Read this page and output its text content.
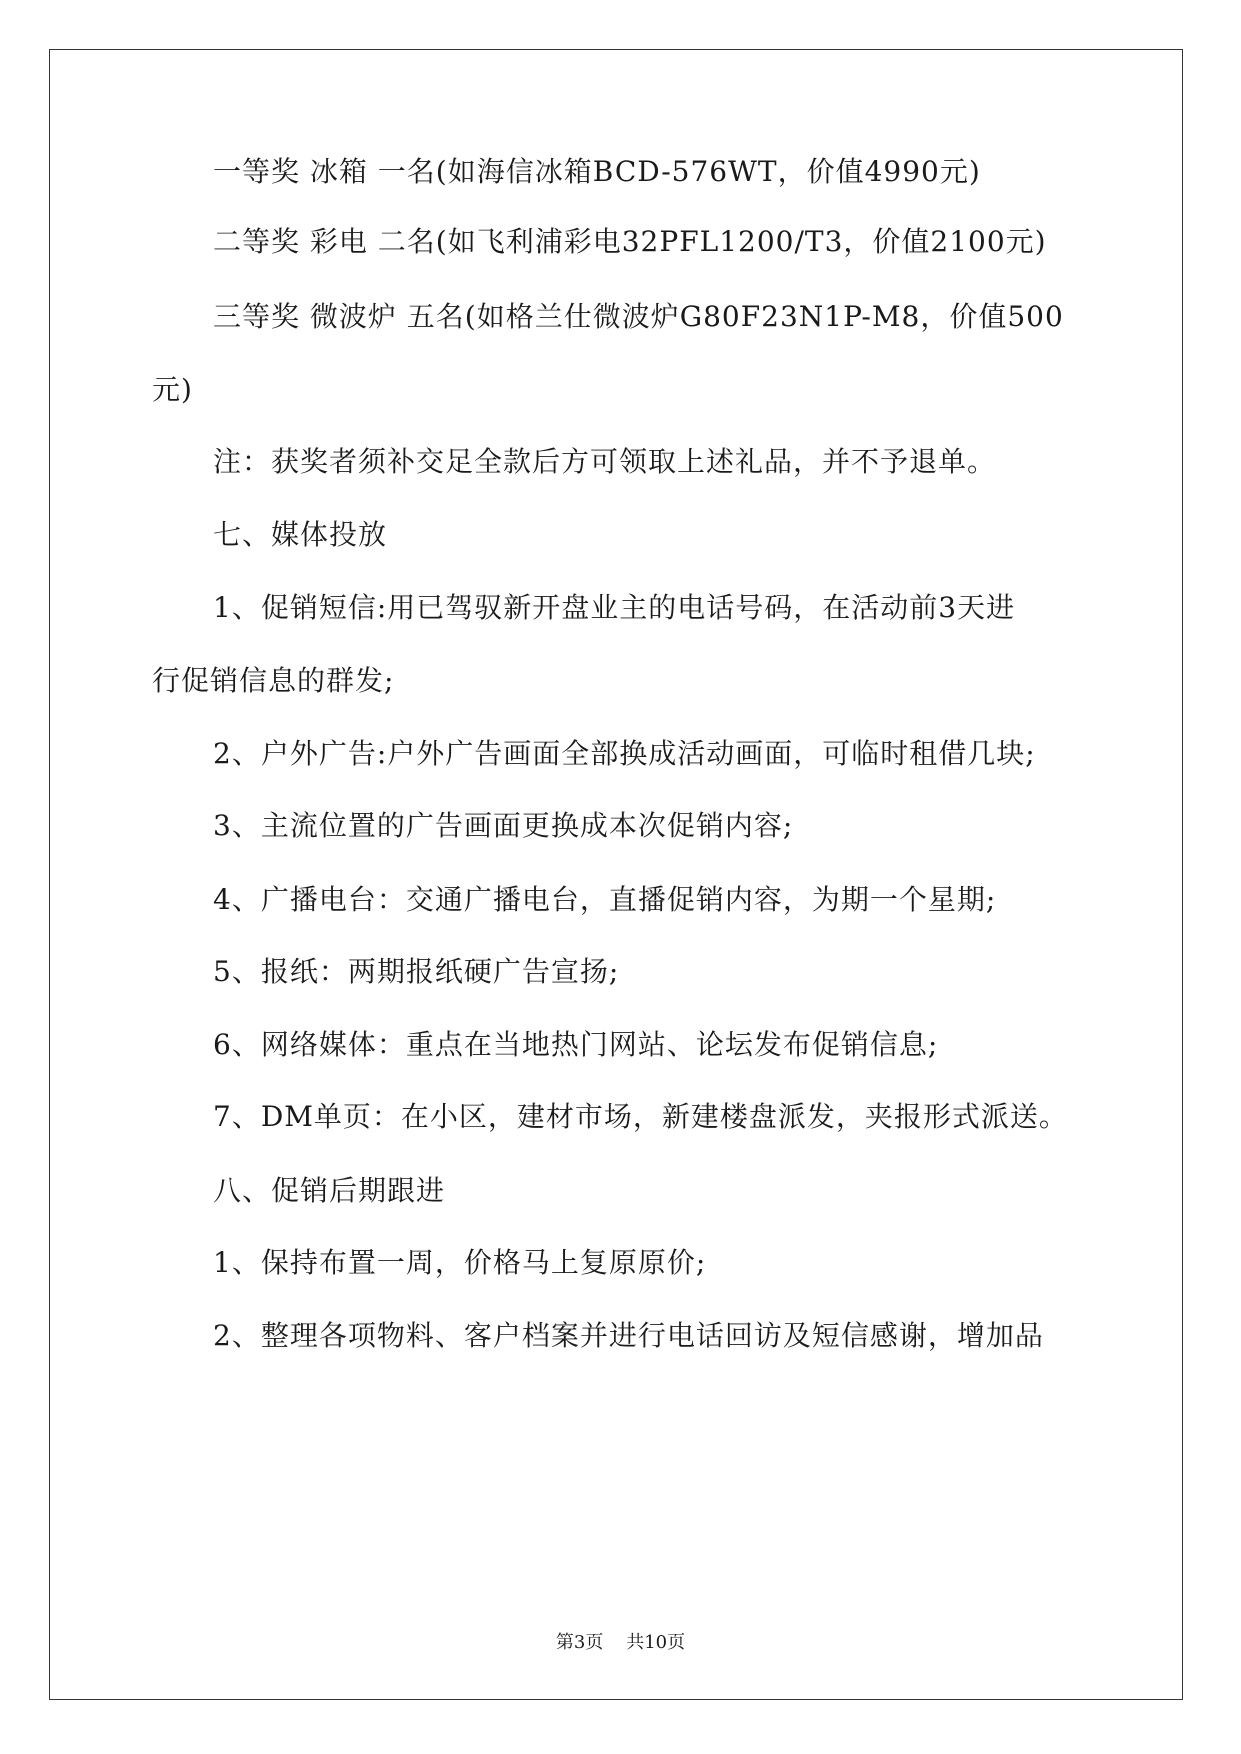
一等奖 冰箱 一名(如海信冰箱BCD-576WT，价值4990元)
二等奖 彩电 二名(如飞利浦彩电32PFL1200/T3，价值2100元)
三等奖 微波炉 五名(如格兰仕微波炉G80F23N1P-M8，价值500
元)
注：获奖者须补交足全款后方可领取上述礼品，并不予退单。
七、媒体投放
1、促销短信:用已驾驭新开盘业主的电话号码，在活动前3天进
行促销信息的群发;
2、户外广告:户外广告画面全部换成活动画面，可临时租借几块;
3、主流位置的广告画面更换成本次促销内容;
4、广播电台：交通广播电台，直播促销内容，为期一个星期;
5、报纸：两期报纸硬广告宣扬;
6、网络媒体：重点在当地热门网站、论坛发布促销信息;
7、DM单页：在小区，建材市场，新建楼盘派发，夹报形式派送。
八、促销后期跟进
1、保持布置一周，价格马上复原原价;
2、整理各项物料、客户档案并进行电话回访及短信感谢，增加品
第3页    共10页
